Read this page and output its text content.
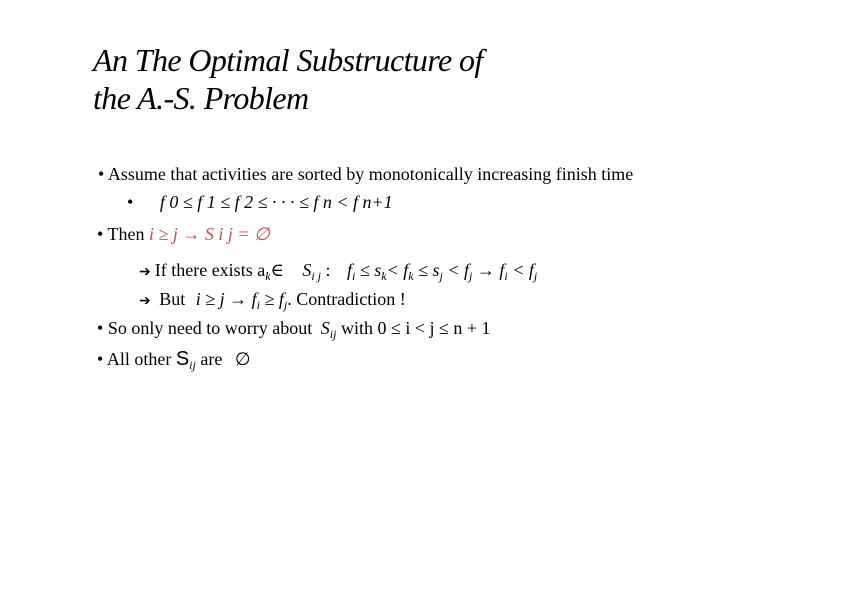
An The Optimal Substructure of
the A.-S. Problem
• Assume that activities are sorted by monotonically increasing finish time
• f 0 ≤ f 1 ≤ f 2 ≤ · · · ≤ f n < f n+1
• Then i ≥ j → S i j = ∅
➔ If there exists $a_k\in$ $S_{i j}$ : $f_i \le s_k< f_k \le s_j < f_j \to f_i < f_j$
➔ But $i \ge j \to f_i \ge f_j$. Contradiction !
• So only need to worry about $S_{ij}$ with 0 ≤ i < j ≤ n + 1
• All other $S_{ij}$ are ∅
